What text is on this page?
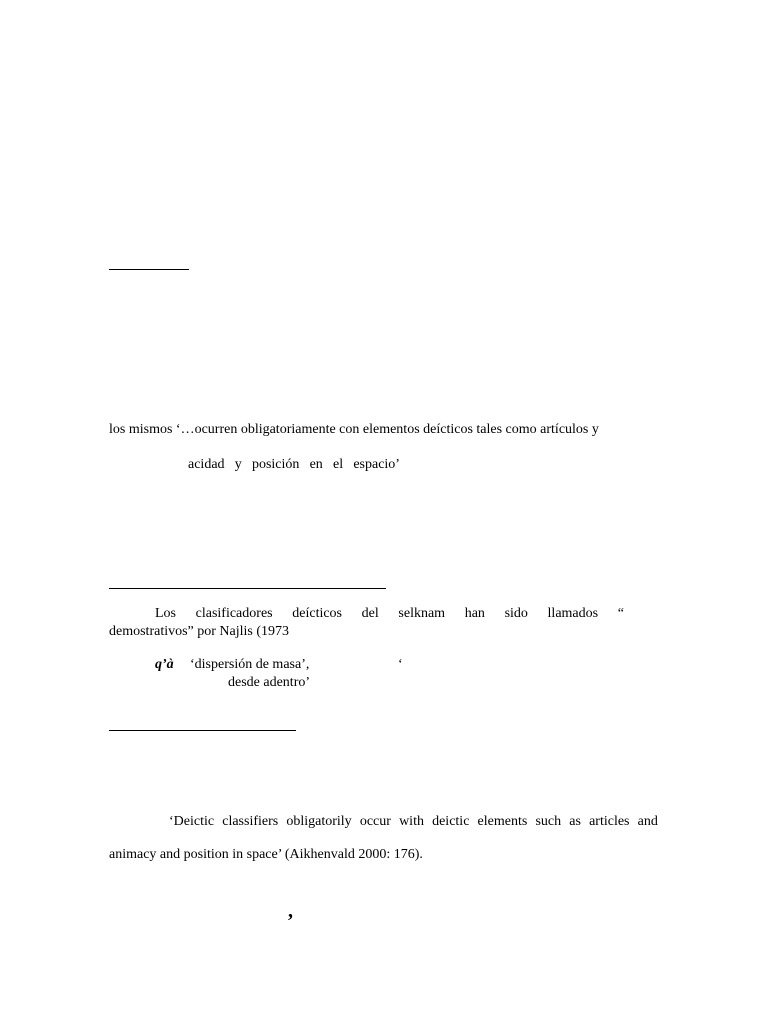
los mismos ‘…ocurren obligatoriamente con elementos deícticos tales como artículos y
acidad y posición en el espacio’
Los clasificadores deícticos del selknam han sido llamados “
demostrativos” por Najlis (1973
q’à ‘dispersión de masa’,	‘
desde adentro’
‘Deictic classifiers obligatorily occur with deictic elements such as articles and
animacy and position in space’ (Aikhenvald 2000: 176).
’
